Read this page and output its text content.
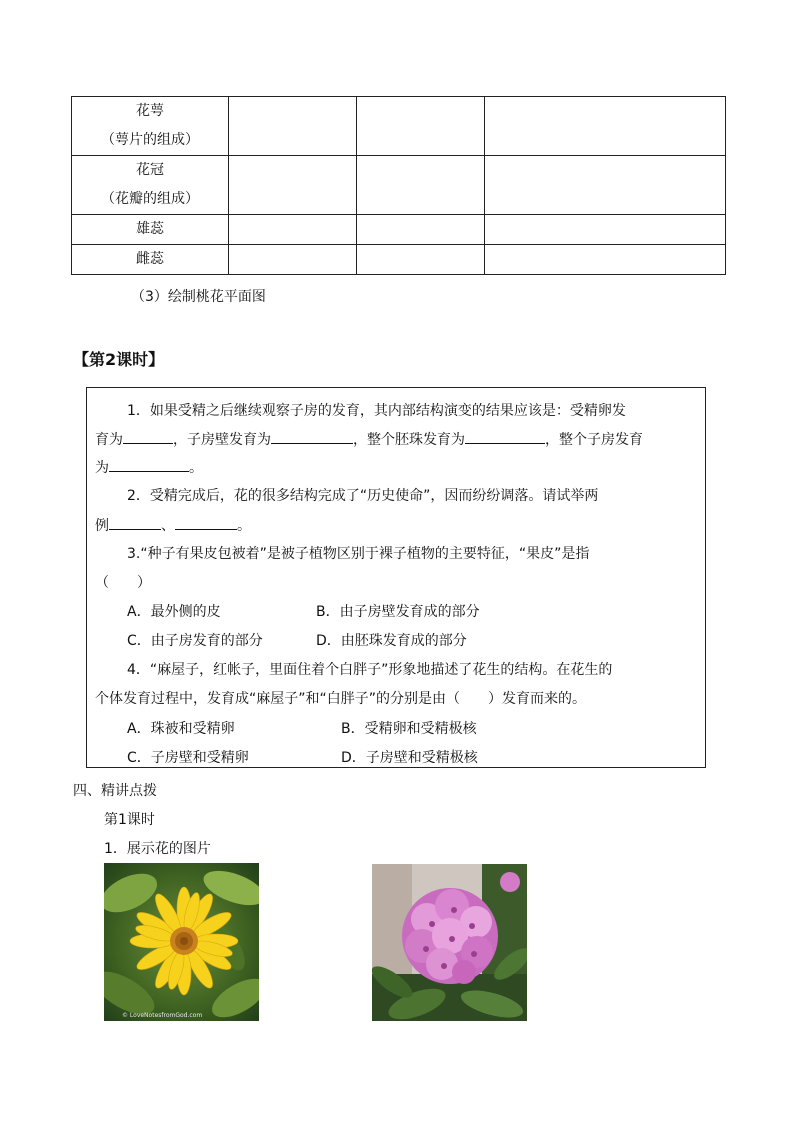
花萼
（萼片的组成）			

花冠
（花瓣的组成）			

雄蕊			
雌蕊			
（3）绘制桃花平面图
【第2课时】
1．如果受精之后继续观察子房的发育，其内部结构演变的结果应该是：受精卵发
育为	，子房壁发育为	，整个胚珠发育为	，整个子房发育
为	。
2．受精完成后，花的很多结构完成了“历史使命”，因而纷纷调落。请试举两
例	、	。
3.“种子有果皮包被着”是被子植物区别于裸子植物的主要特征，“果皮”是指
（　　）
A．最外侧的皮	B．由子房壁发育成的部分
C．由子房发育的部分	D．由胚珠发育成的部分
4．“麻屋子，红帐子，里面住着个白胖子”形象地描述了花生的结构。在花生的
个体发育过程中，发育成“麻屋子”和“白胖子”的分别是由（　　）发育而来的。
A．珠被和受精卵	B．受精卵和受精极核
C．子房壁和受精卵	D．子房壁和受精极核
四、精讲点拨
第1课时
1．展示花的图片
© LoveNotesfromGod.com
